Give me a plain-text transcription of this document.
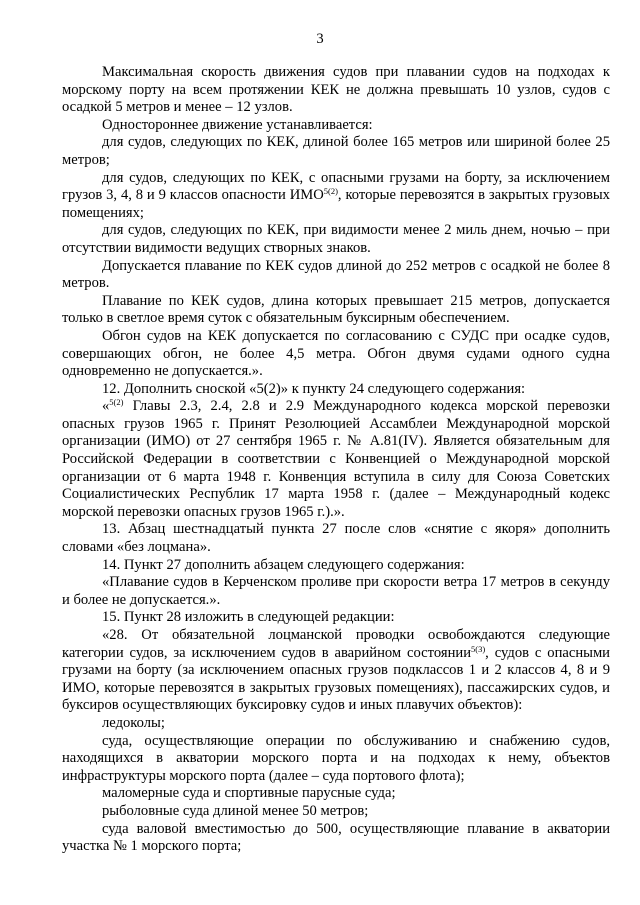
3

Максимальная скорость движения судов при плавании судов на подходах к морскому порту на всем протяжении КЕК не должна превышать 10 узлов, судов с осадкой 5 метров и менее – 12 узлов.

Одностороннее движение устанавливается:

для судов, следующих по КЕК, длиной более 165 метров или шириной более 25 метров;

для судов, следующих по КЕК, с опасными грузами на борту, за исключением грузов 3, 4, 8 и 9 классов опасности $ИМО^{5(2)}$, которые перевозятся в закрытых грузовых помещениях;

для судов, следующих по КЕК, при видимости менее 2 миль днем, ночью – при отсутствии видимости ведущих створных знаков.

Допускается плавание по КЕК судов длиной до 252 метров с осадкой не более 8 метров.

Плавание по КЕК судов, длина которых превышает 215 метров, допускается только в светлое время суток с обязательным буксирным обеспечением.

Обгон судов на КЕК допускается по согласованию с СУДС при осадке судов, совершающих обгон, не более 4,5 метра. Обгон двумя судами одного судна одновременно не допускается.».

12. Дополнить сноской «5(2)» к пункту 24 следующего содержания:

«$^{5(2)}$ Главы 2.3, 2.4, 2.8 и 2.9 Международного кодекса морской перевозки опасных грузов 1965 г. Принят Резолюцией Ассамблеи Международной морской организации (ИМО) от 27 сентября 1965 г. № А.81(IV). Является обязательным для Российской Федерации в соответствии с Конвенцией о Международной морской организации от 6 марта 1948 г. Конвенция вступила в силу для Союза Советских Социалистических Республик 17 марта 1958 г. (далее – Международный кодекс морской перевозки опасных грузов 1965 г.).».

13. Абзац шестнадцатый пункта 27 после слов «снятие с якоря» дополнить словами «без лоцмана».

14. Пункт 27 дополнить абзацем следующего содержания:

«Плавание судов в Керченском проливе при скорости ветра 17 метров в секунду и более не допускается.».

15. Пункт 28 изложить в следующей редакции:

«28. От обязательной лоцманской проводки освобождаются следующие категории судов, за исключением судов в аварийном состоянии$^{5(3)}$, судов с опасными грузами на борту (за исключением опасных грузов подклассов 1 и 2 классов 4, 8 и 9 ИМО, которые перевозятся в закрытых грузовых помещениях), пассажирских судов, и буксиров осуществляющих буксировку судов и иных плавучих объектов):

ледоколы;

суда, осуществляющие операции по обслуживанию и снабжению судов, находящихся в акватории морского порта и на подходах к нему, объектов инфраструктуры морского порта (далее – суда портового флота);

маломерные суда и спортивные парусные суда;

рыболовные суда длиной менее 50 метров;

суда валовой вместимостью до 500, осуществляющие плавание в акватории участка № 1 морского порта;
